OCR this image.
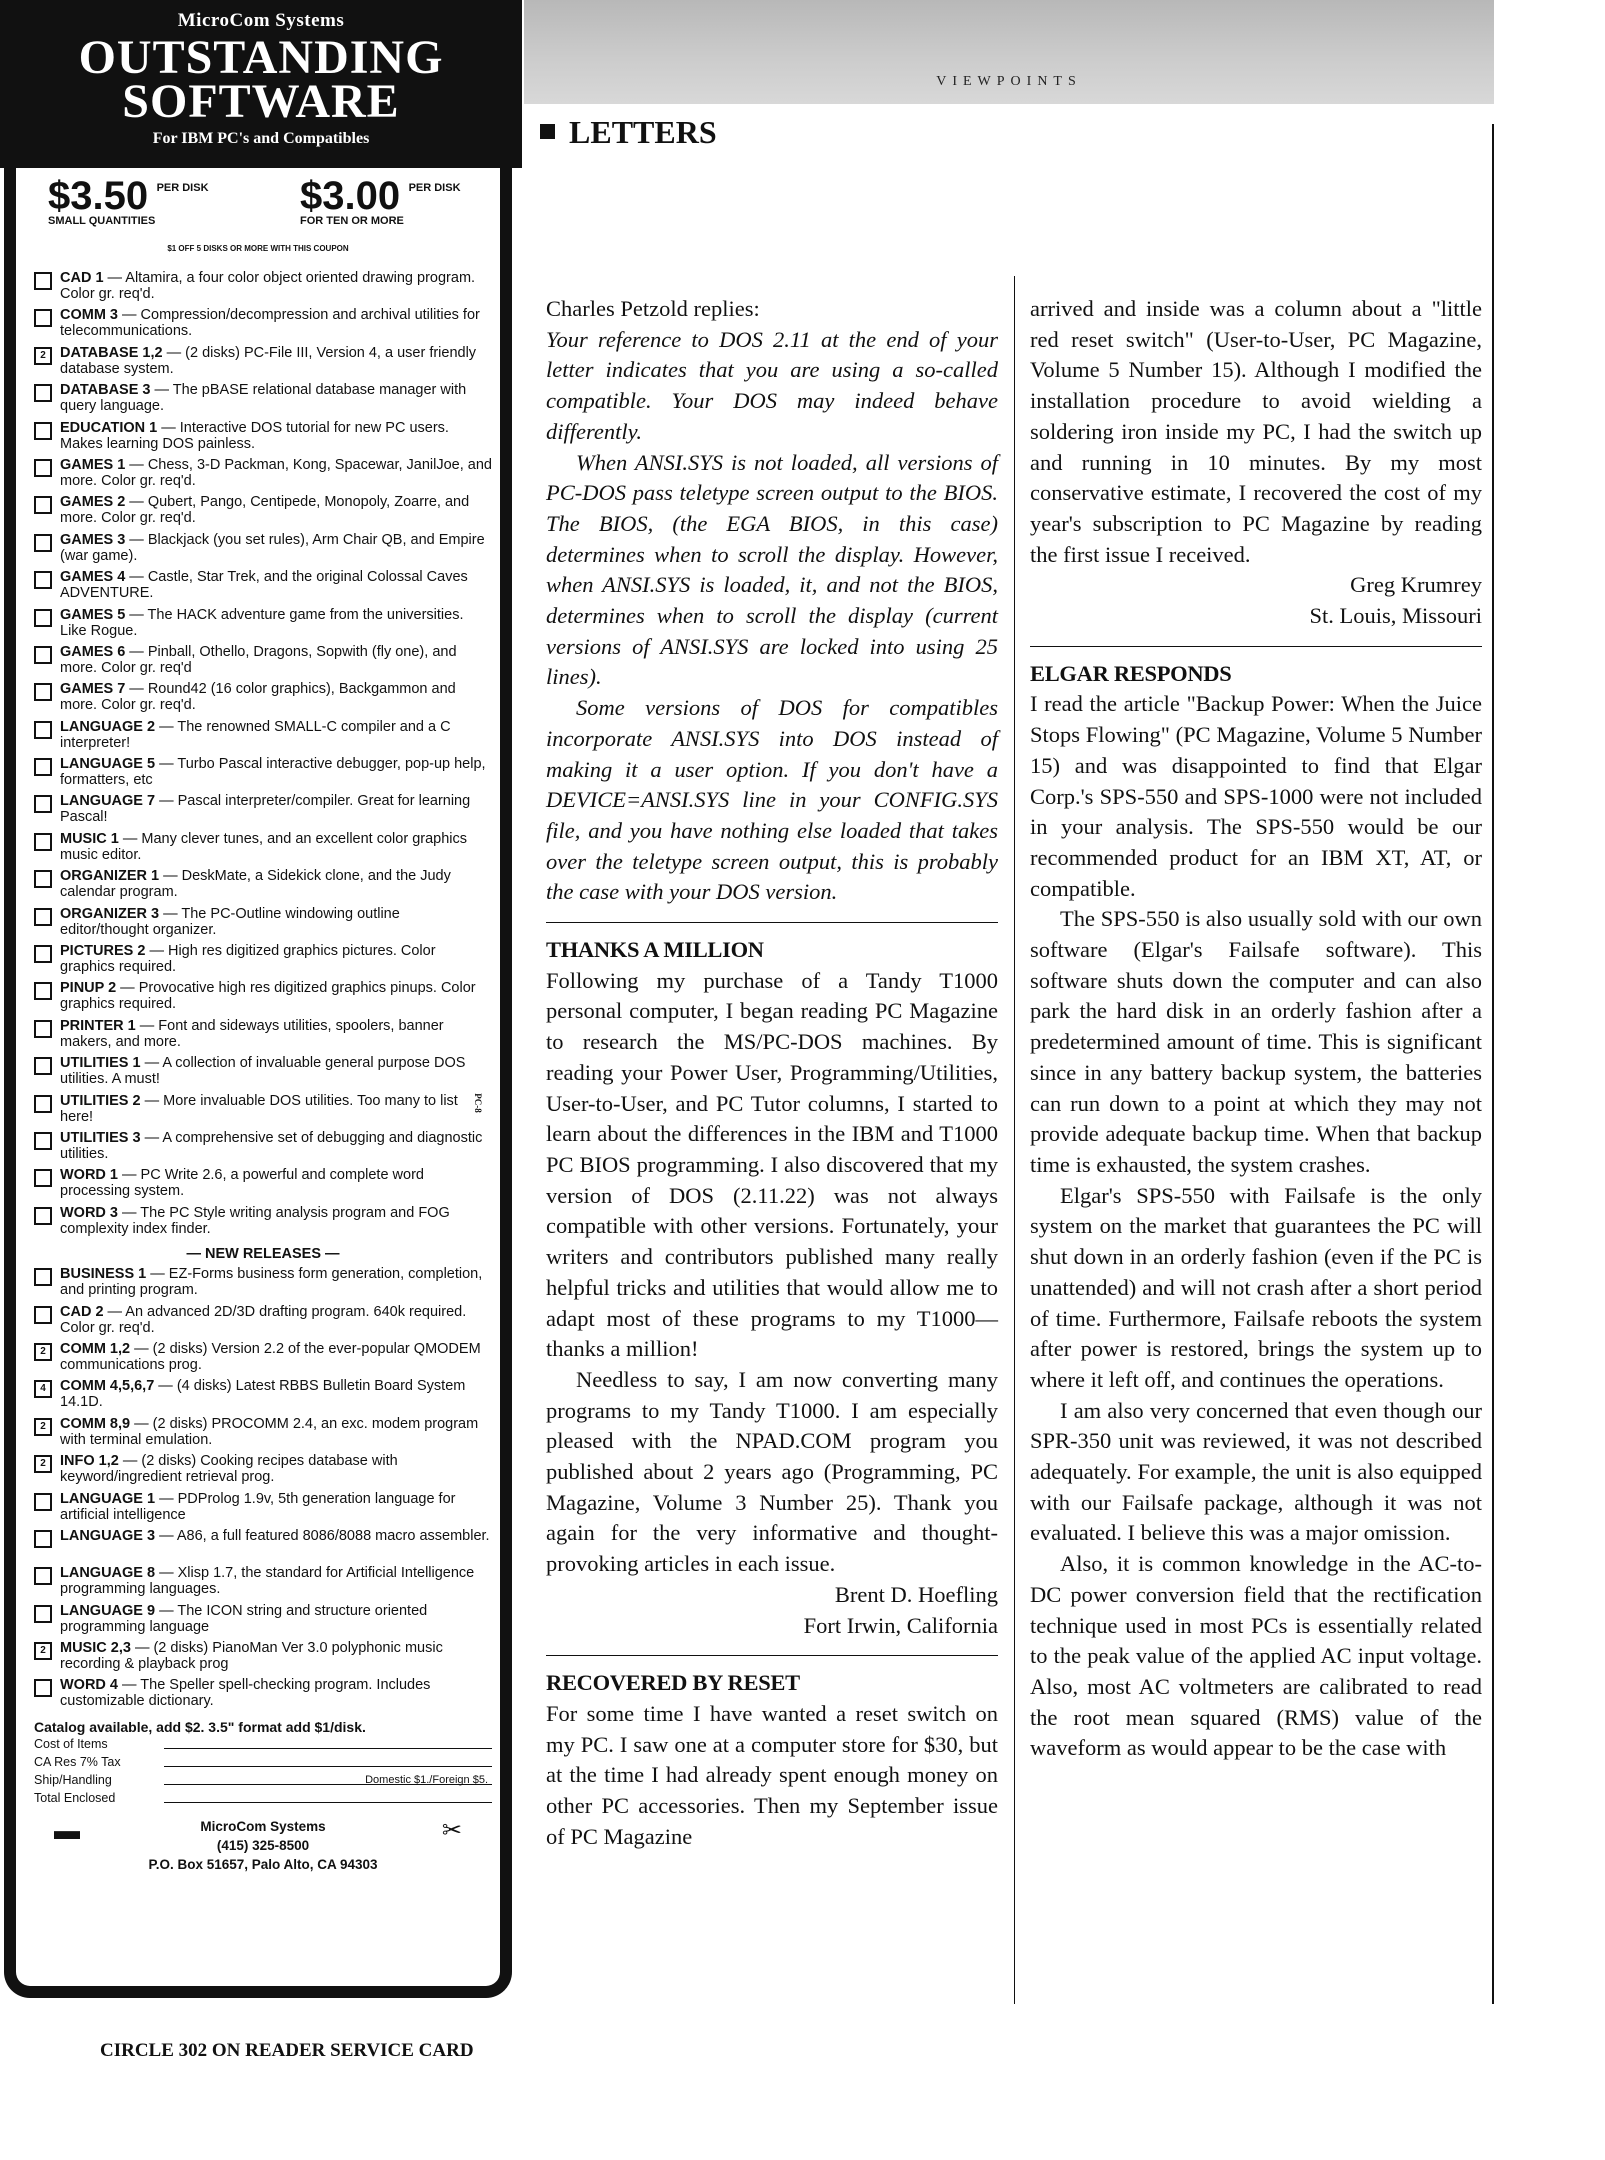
MicroCom Systems
OUTSTANDING
SOFTWARE
For IBM PC's and Compatibles
$3.50 PER DISK
SMALL QUANTITIES
$3.00 PER DISK
FOR TEN OR MORE
$1 OFF 5 DISKS OR MORE WITH THIS COUPON
CAD 1 — Altamira, a four color object oriented drawing program. Color gr. req'd.
COMM 3 — Compression/decompression and archival utilities for telecommunications.
2 DATABASE 1,2 — (2 disks) PC-File III, Version 4, a user friendly database system.
DATABASE 3 — The pBASE relational database manager with query language.
EDUCATION 1 — Interactive DOS tutorial for new PC users. Makes learning DOS painless.
GAMES 1 — Chess, 3-D Packman, Kong, Spacewar, JanilJoe, and more. Color gr. req'd.
GAMES 2 — Qubert, Pango, Centipede, Monopoly, Zoarre, and more. Color gr. req'd.
GAMES 3 — Blackjack (you set rules), Arm Chair QB, and Empire (war game).
GAMES 4 — Castle, Star Trek, and the original Colossal Caves ADVENTURE.
GAMES 5 — The HACK adventure game from the universities. Like Rogue.
GAMES 6 — Pinball, Othello, Dragons, Sopwith (fly one), and more. Color gr. req'd
GAMES 7 — Round42 (16 color graphics), Backgammon and more. Color gr. req'd.
LANGUAGE 2 — The renowned SMALL-C compiler and a C interpreter!
LANGUAGE 5 — Turbo Pascal interactive debugger, pop-up help, formatters, etc
LANGUAGE 7 — Pascal interpreter/compiler. Great for learning Pascal!
MUSIC 1 — Many clever tunes, and an excellent color graphics music editor.
ORGANIZER 1 — DeskMate, a Sidekick clone, and the Judy calendar program.
ORGANIZER 3 — The PC-Outline windowing outline editor/thought organizer.
PICTURES 2 — High res digitized graphics pictures. Color graphics required.
PINUP 2 — Provocative high res digitized graphics pinups. Color graphics required.
PRINTER 1 — Font and sideways utilities, spoolers, banner makers, and more.
UTILITIES 1 — A collection of invaluable general purpose DOS utilities. A must!
UTILITIES 2 — More invaluable DOS utilities. Too many to list here!
UTILITIES 3 — A comprehensive set of debugging and diagnostic utilities.
WORD 1 — PC Write 2.6, a powerful and complete word processing system.
WORD 3 — The PC Style writing analysis program and FOG complexity index finder.
— NEW RELEASES —
BUSINESS 1 — EZ-Forms business form generation, completion, and printing program.
CAD 2 — An advanced 2D/3D drafting program. 640k required. Color gr. req'd.
2 COMM 1,2 — (2 disks) Version 2.2 of the ever-popular QMODEM communications prog.
4 COMM 4,5,6,7 — (4 disks) Latest RBBS Bulletin Board System 14.1D.
2 COMM 8,9 — (2 disks) PROCOMM 2.4, an exc. modem program with terminal emulation.
2 INFO 1,2 — (2 disks) Cooking recipes database with keyword/ingredient retrieval prog.
LANGUAGE 1 — PDProlog 1.9v, 5th generation language for artificial intelligence
LANGUAGE 3 — A86, a full featured 8086/8088 macro assembler.
LANGUAGE 8 — Xlisp 1.7, the standard for Artificial Intelligence programming languages.
LANGUAGE 9 — The ICON string and structure oriented programming language
2 MUSIC 2,3 — (2 disks) PianoMan Ver 3.0 polyphonic music recording & playback prog
WORD 4 — The Speller spell-checking program. Includes customizable dictionary.
Catalog available, add $2. 3.5" format add $1/disk.
Cost of Items
CA Res 7% Tax
Ship/Handling	Domestic $1./Foreign $5.
Total Enclosed
▬	MicroCom Systems
(415) 325-8500
P.O. Box 51657, Palo Alto, CA 94303
✂
PC-8
CIRCLE 302 ON READER SERVICE CARD
VIEWPOINTS
LETTERS

Charles Petzold replies:

Your reference to DOS 2.11 at the end of your letter indicates that you are using a so-called compatible. Your DOS may indeed behave differently.

When ANSI.SYS is not loaded, all versions of PC-DOS pass teletype screen output to the BIOS. The BIOS, (the EGA BIOS, in this case) determines when to scroll the display. However, when ANSI.SYS is loaded, it, and not the BIOS, determines when to scroll the display (current versions of ANSI.SYS are locked into using 25 lines).

Some versions of DOS for compatibles incorporate ANSI.SYS into DOS instead of making it a user option. If you don't have a DEVICE=ANSI.SYS line in your CONFIG.SYS file, and you have nothing else loaded that takes over the teletype screen output, this is probably the case with your DOS version.

THANKS A MILLION

Following my purchase of a Tandy T1000 personal computer, I began reading PC Magazine to research the MS/PC-DOS machines. By reading your Power User, Programming/Utilities, User-to-User, and PC Tutor columns, I started to learn about the differences in the IBM and T1000 PC BIOS programming. I also discovered that my version of DOS (2.11.22) was not always compatible with other versions. Fortunately, your writers and contributors published many really helpful tricks and utilities that would allow me to adapt most of these programs to my T1000—thanks a million!

Needless to say, I am now converting many programs to my Tandy T1000. I am especially pleased with the NPAD.COM program you published about 2 years ago (Programming, PC Magazine, Volume 3 Number 25). Thank you again for the very informative and thought-provoking articles in each issue.

Brent D. Hoefling

Fort Irwin, California

RECOVERED BY RESET

For some time I have wanted a reset switch on my PC. I saw one at a computer store for $30, but at the time I had already spent enough money on other PC accessories. Then my September issue of PC Magazine

arrived and inside was a column about a "little red reset switch" (User-to-User, PC Magazine, Volume 5 Number 15). Although I modified the installation procedure to avoid wielding a soldering iron inside my PC, I had the switch up and running in 10 minutes. By my most conservative estimate, I recovered the cost of my year's subscription to PC Magazine by reading the first issue I received.

Greg Krumrey

St. Louis, Missouri

ELGAR RESPONDS

I read the article "Backup Power: When the Juice Stops Flowing" (PC Magazine, Volume 5 Number 15) and was disappointed to find that Elgar Corp.'s SPS-550 and SPS-1000 were not included in your analysis. The SPS-550 would be our recommended product for an IBM XT, AT, or compatible.

The SPS-550 is also usually sold with our own software (Elgar's Failsafe software). This software shuts down the computer and can also park the hard disk in an orderly fashion after a predetermined amount of time. This is significant since in any battery backup system, the batteries can run down to a point at which they may not provide adequate backup time. When that backup time is exhausted, the system crashes.

Elgar's SPS-550 with Failsafe is the only system on the market that guarantees the PC will shut down in an orderly fashion (even if the PC is unattended) and will not crash after a short period of time. Furthermore, Failsafe reboots the system after power is restored, brings the system up to where it left off, and continues the operations.

I am also very concerned that even though our SPR-350 unit was reviewed, it was not described adequately. For example, the unit is also equipped with our Failsafe package, although it was not evaluated. I believe this was a major omission.

Also, it is common knowledge in the AC-to-DC power conversion field that the rectification technique used in most PCs is essentially related to the peak value of the applied AC input voltage. Also, most AC voltmeters are calibrated to read the root mean squared (RMS) value of the waveform as would appear to be the case with
